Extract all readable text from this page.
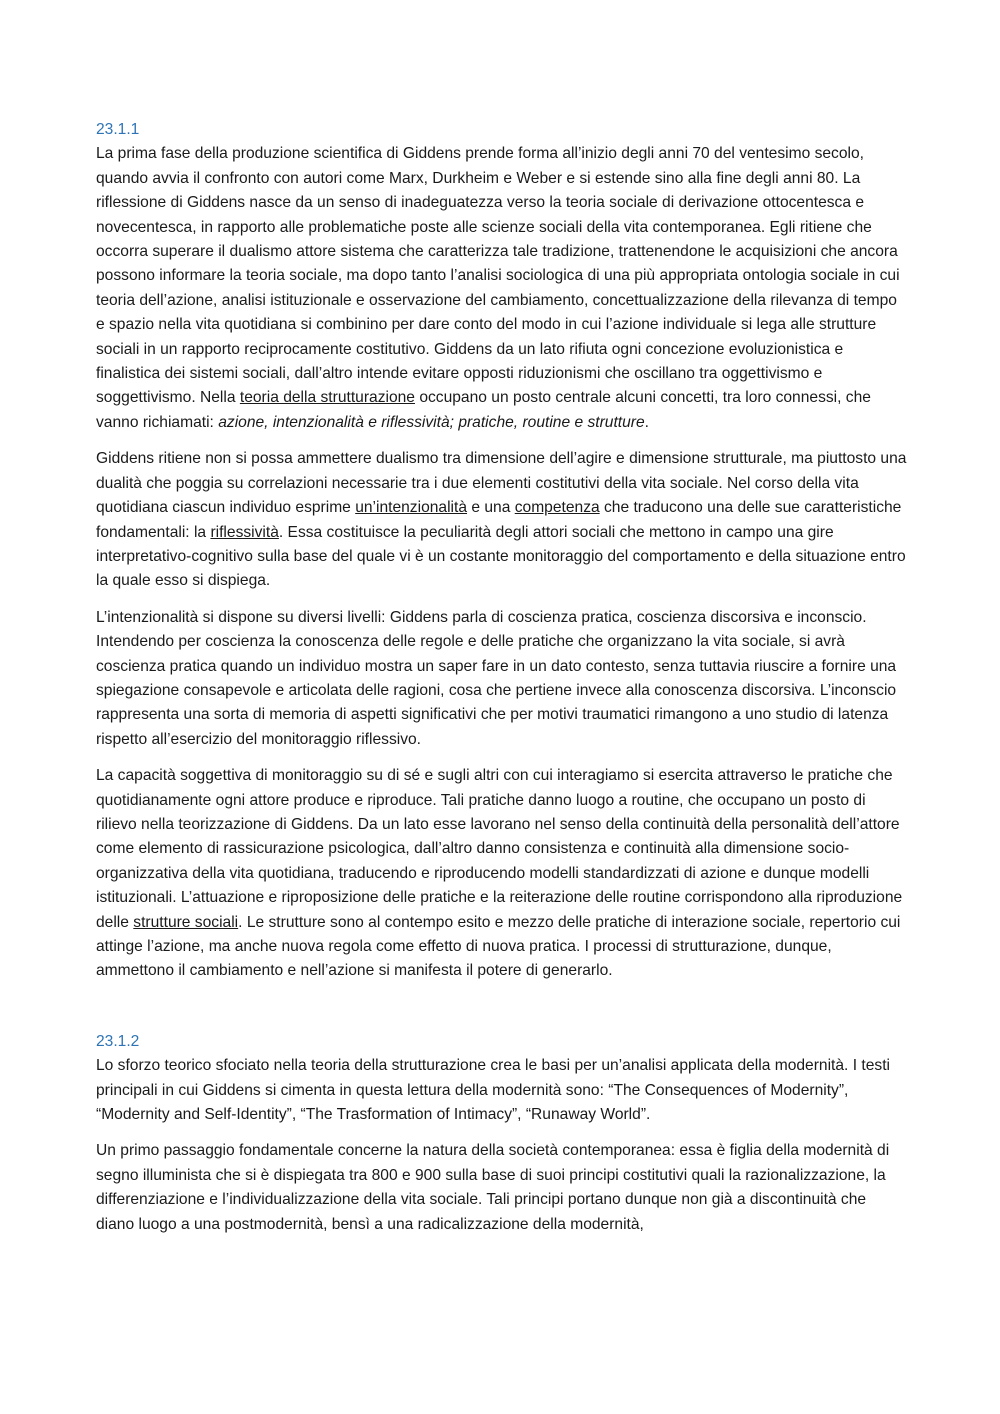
23.1.1

La prima fase della produzione scientifica di Giddens prende forma all’inizio degli anni 70 del ventesimo secolo, quando avvia il confronto con autori come Marx, Durkheim e Weber e si estende sino alla fine degli anni 80. La riflessione di Giddens nasce da un senso di inadeguatezza verso la teoria sociale di derivazione ottocentesca e novecentesca, in rapporto alle problematiche poste alle scienze sociali della vita contemporanea. Egli ritiene che occorra superare il dualismo attore sistema che caratterizza tale tradizione, trattenendone le acquisizioni che ancora possono informare la teoria sociale, ma dopo tanto l’analisi sociologica di una più appropriata ontologia sociale in cui teoria dell’azione, analisi istituzionale e osservazione del cambiamento, concettualizzazione della rilevanza di tempo e spazio nella vita quotidiana si combinino per dare conto del modo in cui l’azione individuale si lega alle strutture sociali in un rapporto reciprocamente costitutivo. Giddens da un lato rifiuta ogni concezione evoluzionistica e finalistica dei sistemi sociali, dall’altro intende evitare opposti riduzionismi che oscillano tra oggettivismo e soggettivismo. Nella teoria della strutturazione occupano un posto centrale alcuni concetti, tra loro connessi, che vanno richiamati: azione, intenzionalità e riflessività; pratiche, routine e strutture.

Giddens ritiene non si possa ammettere dualismo tra dimensione dell’agire e dimensione strutturale, ma piuttosto una dualità che poggia su correlazioni necessarie tra i due elementi costitutivi della vita sociale. Nel corso della vita quotidiana ciascun individuo esprime un’intenzionalità e una competenza che traducono una delle sue caratteristiche fondamentali: la riflessività. Essa costituisce la peculiarità degli attori sociali che mettono in campo una gire interpretativo-cognitivo sulla base del quale vi è un costante monitoraggio del comportamento e della situazione entro la quale esso si dispiega.

L’intenzionalità si dispone su diversi livelli: Giddens parla di coscienza pratica, coscienza discorsiva e inconscio. Intendendo per coscienza la conoscenza delle regole e delle pratiche che organizzano la vita sociale, si avrà coscienza pratica quando un individuo mostra un saper fare in un dato contesto, senza tuttavia riuscire a fornire una spiegazione consapevole e articolata delle ragioni, cosa che pertiene invece alla conoscenza discorsiva. L’inconscio rappresenta una sorta di memoria di aspetti significativi che per motivi traumatici rimangono a uno studio di latenza rispetto all’esercizio del monitoraggio riflessivo.

La capacità soggettiva di monitoraggio su di sé e sugli altri con cui interagiamo si esercita attraverso le pratiche che quotidianamente ogni attore produce e riproduce. Tali pratiche danno luogo a routine, che occupano un posto di rilievo nella teorizzazione di Giddens. Da un lato esse lavorano nel senso della continuità della personalità dell’attore come elemento di rassicurazione psicologica, dall’altro danno consistenza e continuità alla dimensione socio-organizzativa della vita quotidiana, traducendo e riproducendo modelli standardizzati di azione e dunque modelli istituzionali. L’attuazione e riproposizione delle pratiche e la reiterazione delle routine corrispondono alla riproduzione delle strutture sociali. Le strutture sono al contempo esito e mezzo delle pratiche di interazione sociale, repertorio cui attinge l’azione, ma anche nuova regola come effetto di nuova pratica. I processi di strutturazione, dunque, ammettono il cambiamento e nell’azione si manifesta il potere di generarlo.

23.1.2

Lo sforzo teorico sfociato nella teoria della strutturazione crea le basi per un’analisi applicata della modernità. I testi principali in cui Giddens si cimenta in questa lettura della modernità sono: “The Consequences of Modernity”, “Modernity and Self-Identity”, “The Trasformation of Intimacy”, “Runaway World”.

Un primo passaggio fondamentale concerne la natura della società contemporanea: essa è figlia della modernità di segno illuminista che si è dispiegata tra 800 e 900 sulla base di suoi principi costitutivi quali la razionalizzazione, la differenziazione e l’individualizzazione della vita sociale. Tali principi portano dunque non già a discontinuità che diano luogo a una postmodernità, bensì a una radicalizzazione della modernità,
